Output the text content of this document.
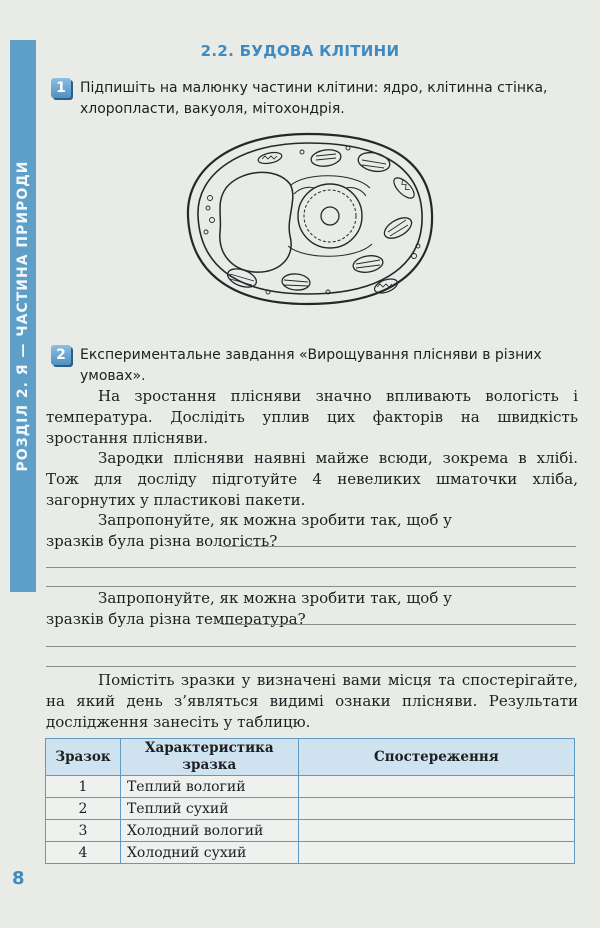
РОЗДІЛ 2. Я — ЧАСТИНА ПРИРОДИ
8
2.2. БУДОВА КЛІТИНИ
1	Підпишіть на малюнку частини клітини: ядро, клітинна стінка, хлоропласти, вакуоля, мітохондрія.
2	Експериментальне завдання «Вирощування плісняви в різних умовах».
На зростання плісняви значно впливають вологість і температура. Дослідіть уплив цих факторів на швидкість зростання плісняви.
Зародки плісняви наявні майже всюди, зокрема в хлібі. Тож для досліду підготуйте 4 невеликих шматочки хліба, загорнутих у пластикові пакети.
Запропонуйте, як можна зробити так, щоб у зразків була різна вологість?
Запропонуйте, як можна зробити так, щоб у зразків була різна температура?
Помістіть зразки у визначені вами місця та спостерігайте, на який день з’являться видимі ознаки плісняви. Результати дослідження занесіть у таблицю.
Зразок	Характеристика зразка	Спостереження
1	Теплий вологий	
2	Теплий сухий	
3	Холодний вологий	
4	Холодний сухий	
